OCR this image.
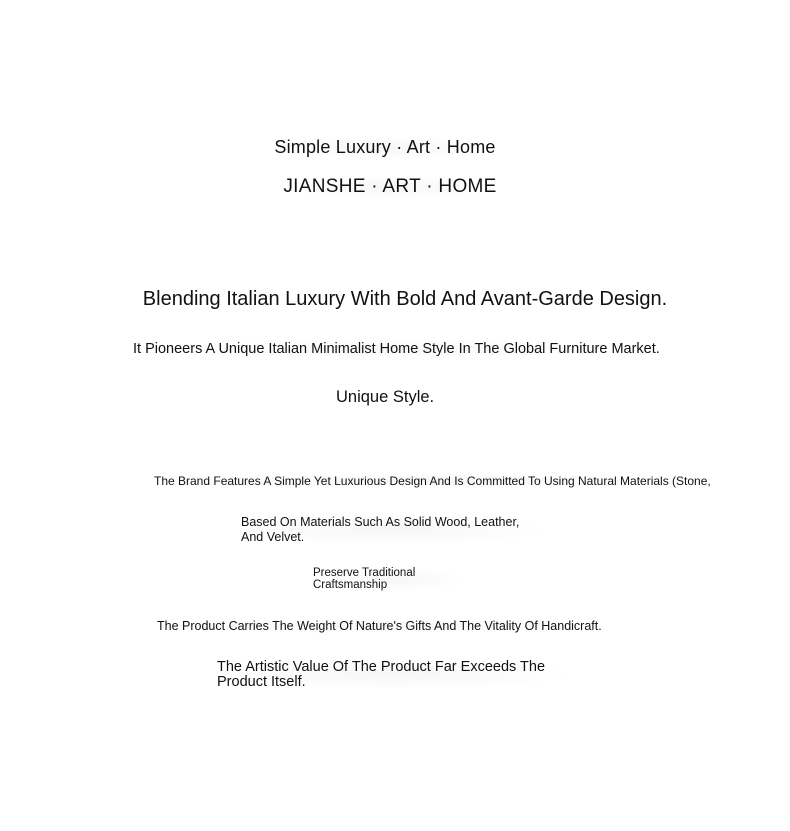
Simple Luxury · Art · Home
JIANSHE · ART · HOME
Blending Italian Luxury With Bold And Avant-Garde Design.
It Pioneers A Unique Italian Minimalist Home Style In The Global Furniture Market.
Unique Style.
The Brand Features A Simple Yet Luxurious Design And Is Committed To Using Natural Materials (Stone,
Based On Materials Such As Solid Wood, Leather, And Velvet.
Preserve Traditional Craftsmanship
The Product Carries The Weight Of Nature's Gifts And The Vitality Of Handicraft.
The Artistic Value Of The Product Far Exceeds The Product Itself.
